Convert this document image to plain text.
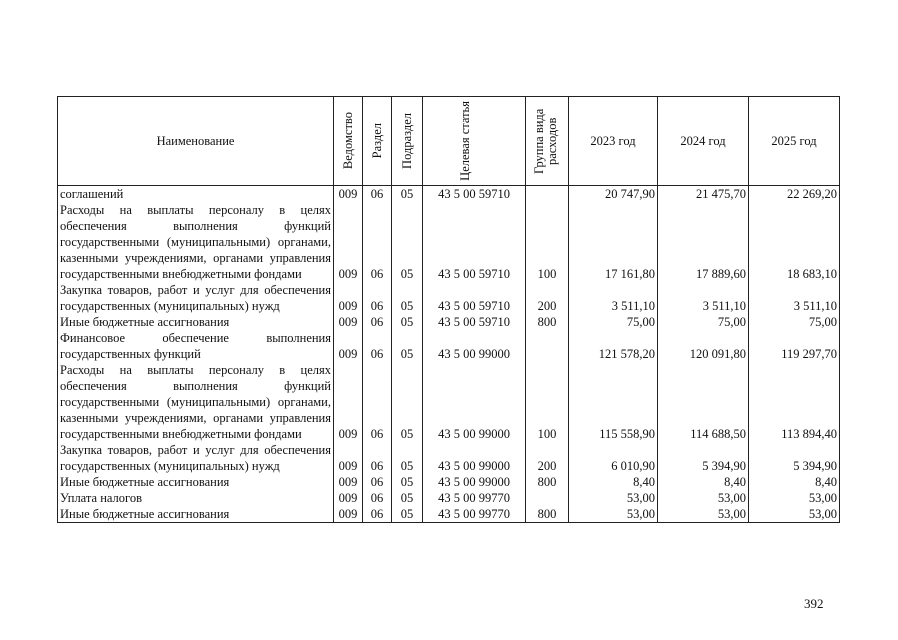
Наименование	Ведомство	Раздел	Подраздел	Целевая статья	Группа вида расходов	2023 год	2024 год	2025 год
соглашений	009	06	05	43 5 00 59710		20 747,90	21 475,70	22 269,20
Расходы на выплаты персоналу в целях обеспечения выполнения функций государственными (муниципальными) органами, казенными учреждениями, органами управления государственными внебюджетными фондами	009	06	05	43 5 00 59710	100	17 161,80	17 889,60	18 683,10
Закупка товаров, работ и услуг для обеспечения государственных (муниципальных) нужд	009	06	05	43 5 00 59710	200	3 511,10	3 511,10	3 511,10
Иные бюджетные ассигнования	009	06	05	43 5 00 59710	800	75,00	75,00	75,00
Финансовое обеспечение выполнения государственных функций	009	06	05	43 5 00 99000		121 578,20	120 091,80	119 297,70
Расходы на выплаты персоналу в целях обеспечения выполнения функций государственными (муниципальными) органами, казенными учреждениями, органами управления государственными внебюджетными фондами	009	06	05	43 5 00 99000	100	115 558,90	114 688,50	113 894,40
Закупка товаров, работ и услуг для обеспечения государственных (муниципальных) нужд	009	06	05	43 5 00 99000	200	6 010,90	5 394,90	5 394,90
Иные бюджетные ассигнования	009	06	05	43 5 00 99000	800	8,40	8,40	8,40
Уплата налогов	009	06	05	43 5 00 99770		53,00	53,00	53,00
Иные бюджетные ассигнования	009	06	05	43 5 00 99770	800	53,00	53,00	53,00
392
